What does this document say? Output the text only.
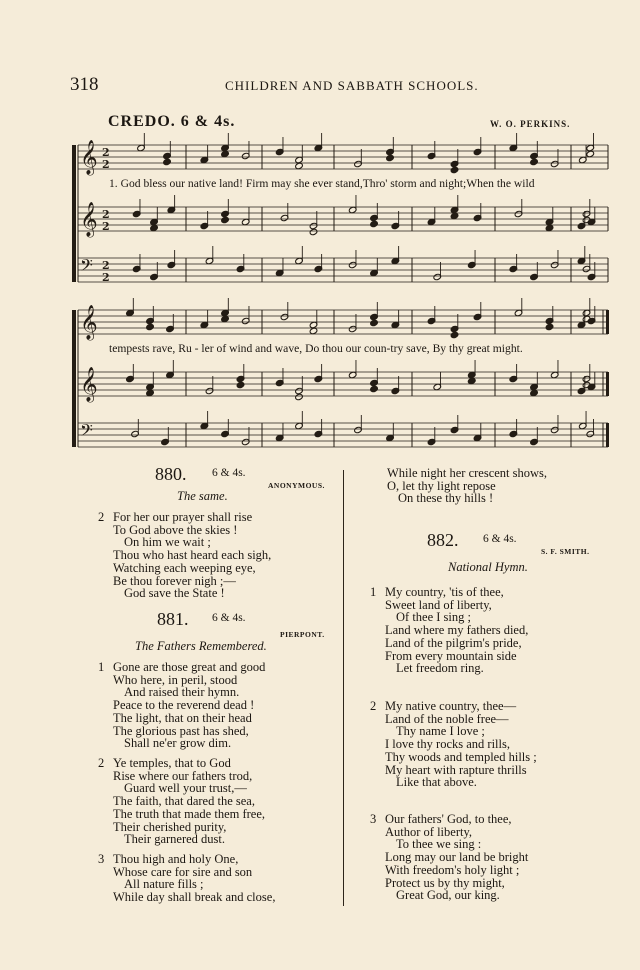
318	CHILDREN AND SABBATH SCHOOLS.
CREDO. 6 & 4s.	W. O. PERKINS.
𝄞 2
2
𝄞 2
2
𝄢 2
2
𝄞
𝄞
𝄢
1. God bless our native land! Firm may she ever stand,Thro' storm and night;When the wild
tempests rave, Ru - ler of wind and wave, Do thou our coun-try save, By thy great might.
880. 6 & 4s.
ANONYMOUS.
The same.
2 For her our prayer shall rise
To God above the skies !
On him we wait ;
Thou who hast heard each sigh,
Watching each weeping eye,
Be thou forever nigh ;—
God save the State !
881. 6 & 4s.
PIERPONT.
The Fathers Remembered.
1 Gone are those great and good
Who here, in peril, stood
And raised their hymn.
Peace to the reverend dead !
The light, that on their head
The glorious past has shed,
Shall ne'er grow dim.
2 Ye temples, that to God
Rise where our fathers trod,
Guard well your trust,—
The faith, that dared the sea,
The truth that made them free,
Their cherished purity,
Their garnered dust.
3 Thou high and holy One,
Whose care for sire and son
All nature fills ;
While day shall break and close,
While night her crescent shows,
O, let thy light repose
On these thy hills !
882. 6 & 4s.
S. F. SMITH.
National Hymn.
1 My country, 'tis of thee,
Sweet land of liberty,
Of thee I sing ;
Land where my fathers died,
Land of the pilgrim's pride,
From every mountain side
Let freedom ring.
2 My native country, thee—
Land of the noble free—
Thy name I love ;
I love thy rocks and rills,
Thy woods and templed hills ;
My heart with rapture thrills
Like that above.
3 Our fathers' God, to thee,
Author of liberty,
To thee we sing :
Long may our land be bright
With freedom's holy light ;
Protect us by thy might,
Great God, our king.
